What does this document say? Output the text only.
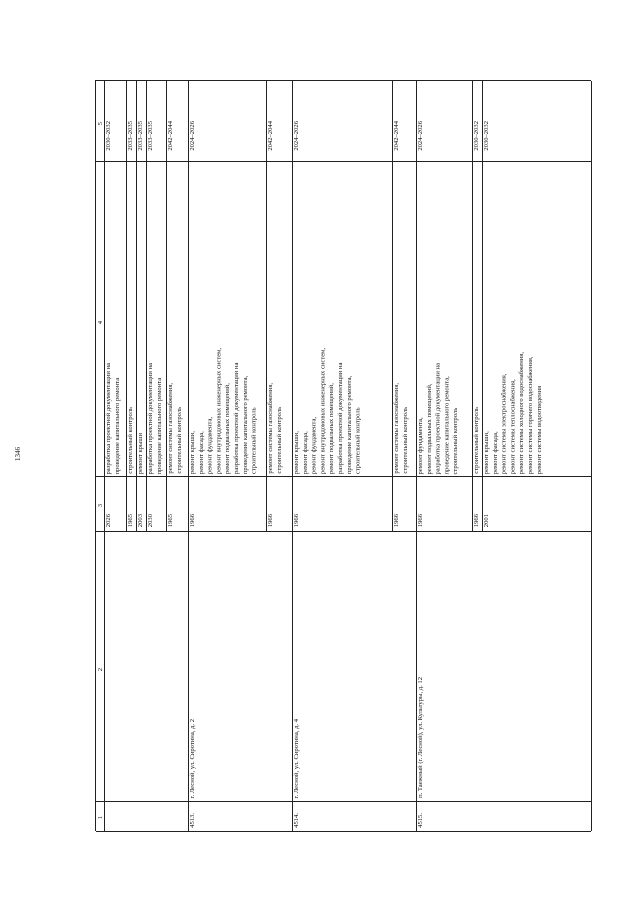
1346
1
2
3
4
5
разработка проектной документации на
проведение капитального ремонта
2026
2030–2032
строительный контроль
1965
2033–2035
ремонт крыши
2003
2033–2035
разработка проектной документации на
проведение капитального ремонта
2030
2033–2035
ремонт системы газоснабжения,
строительный контроль
1965
2042–2044
4513.
г. Лесной, ул. Сиротина, д. 2
ремонт крыши,
ремонт фасада,
ремонт фундамента,
ремонт внутридомовых инженерных систем,
ремонт подвальных помещений,
разработка проектной документации на
проведение капитального ремонта,
строительный контроль
1966
2024–2026
ремонт системы газоснабжения,
строительный контроль
1966
2042–2044
4514.
г. Лесной, ул. Сиротина, д. 4
ремонт крыши,
ремонт фасада,
ремонт фундамента,
ремонт внутридомовых инженерных систем,
ремонт подвальных помещений,
разработка проектной документации на
проведение капитального ремонта,
строительный контроль
1966
2024–2026
ремонт системы газоснабжения,
строительный контроль
1966
2042–2044
4515.
п. Таежный (г. Лесной), ул. Культуры, д. 12
ремонт фундамента,
ремонт подвальных помещений,
разработка проектной документации на
проведение капитального ремонта,
строительный контроль
1966
2024–2026
строительный контроль
1966
2030–2032
ремонт крыши,
ремонт фасада,
ремонт системы электроснабжения,
ремонт системы теплоснабжения,
ремонт системы холодного водоснабжения,
ремонт системы горячего водоснабжения,
ремонт системы водоотведения
2001
2030–2032
